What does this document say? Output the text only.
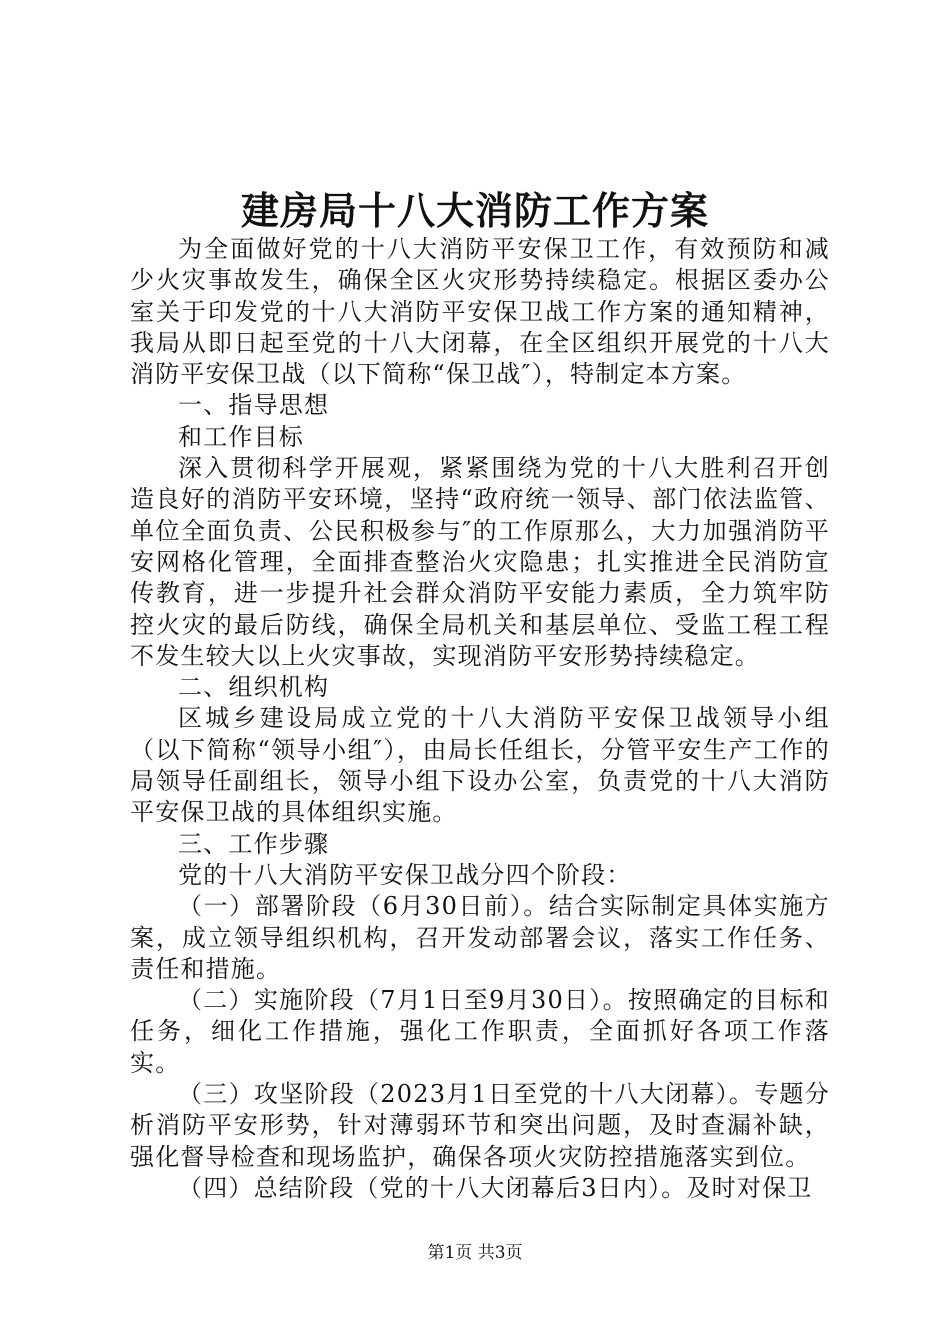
建房局十八大消防工作方案

为全面做好党的十八大消防平安保卫工作，有效预防和减少火灾事故发生，确保全区火灾形势持续稳定。根据区委办公室关于印发党的十八大消防平安保卫战工作方案的通知精神，我局从即日起至党的十八大闭幕，在全区组织开展党的十八大消防平安保卫战（以下简称“保卫战″），特制定本方案。

一、指导思想

和工作目标

深入贯彻科学开展观，紧紧围绕为党的十八大胜利召开创造良好的消防平安环境，坚持“政府统一领导、部门依法监管、单位全面负责、公民积极参与″的工作原那么，大力加强消防平安网格化管理，全面排查整治火灾隐患；扎实推进全民消防宣传教育，进一步提升社会群众消防平安能力素质，全力筑牢防控火灾的最后防线，确保全局机关和基层单位、受监工程工程不发生较大以上火灾事故，实现消防平安形势持续稳定。

二、组织机构

区城乡建设局成立党的十八大消防平安保卫战领导小组（以下简称“领导小组″），由局长任组长，分管平安生产工作的局领导任副组长，领导小组下设办公室，负责党的十八大消防平安保卫战的具体组织实施。

三、工作步骤

党的十八大消防平安保卫战分四个阶段：

（一）部署阶段（6月30日前）。结合实际制定具体实施方案，成立领导组织机构，召开发动部署会议，落实工作任务、责任和措施。

（二）实施阶段（7月1日至9月30日）。按照确定的目标和任务，细化工作措施，强化工作职责，全面抓好各项工作落实。

（三）攻坚阶段（2023月1日至党的十八大闭幕）。专题分析消防平安形势，针对薄弱环节和突出问题，及时查漏补缺，强化督导检查和现场监护，确保各项火灾防控措施落实到位。

（四）总结阶段（党的十八大闭幕后3日内）。及时对保卫

第1页 共3页
